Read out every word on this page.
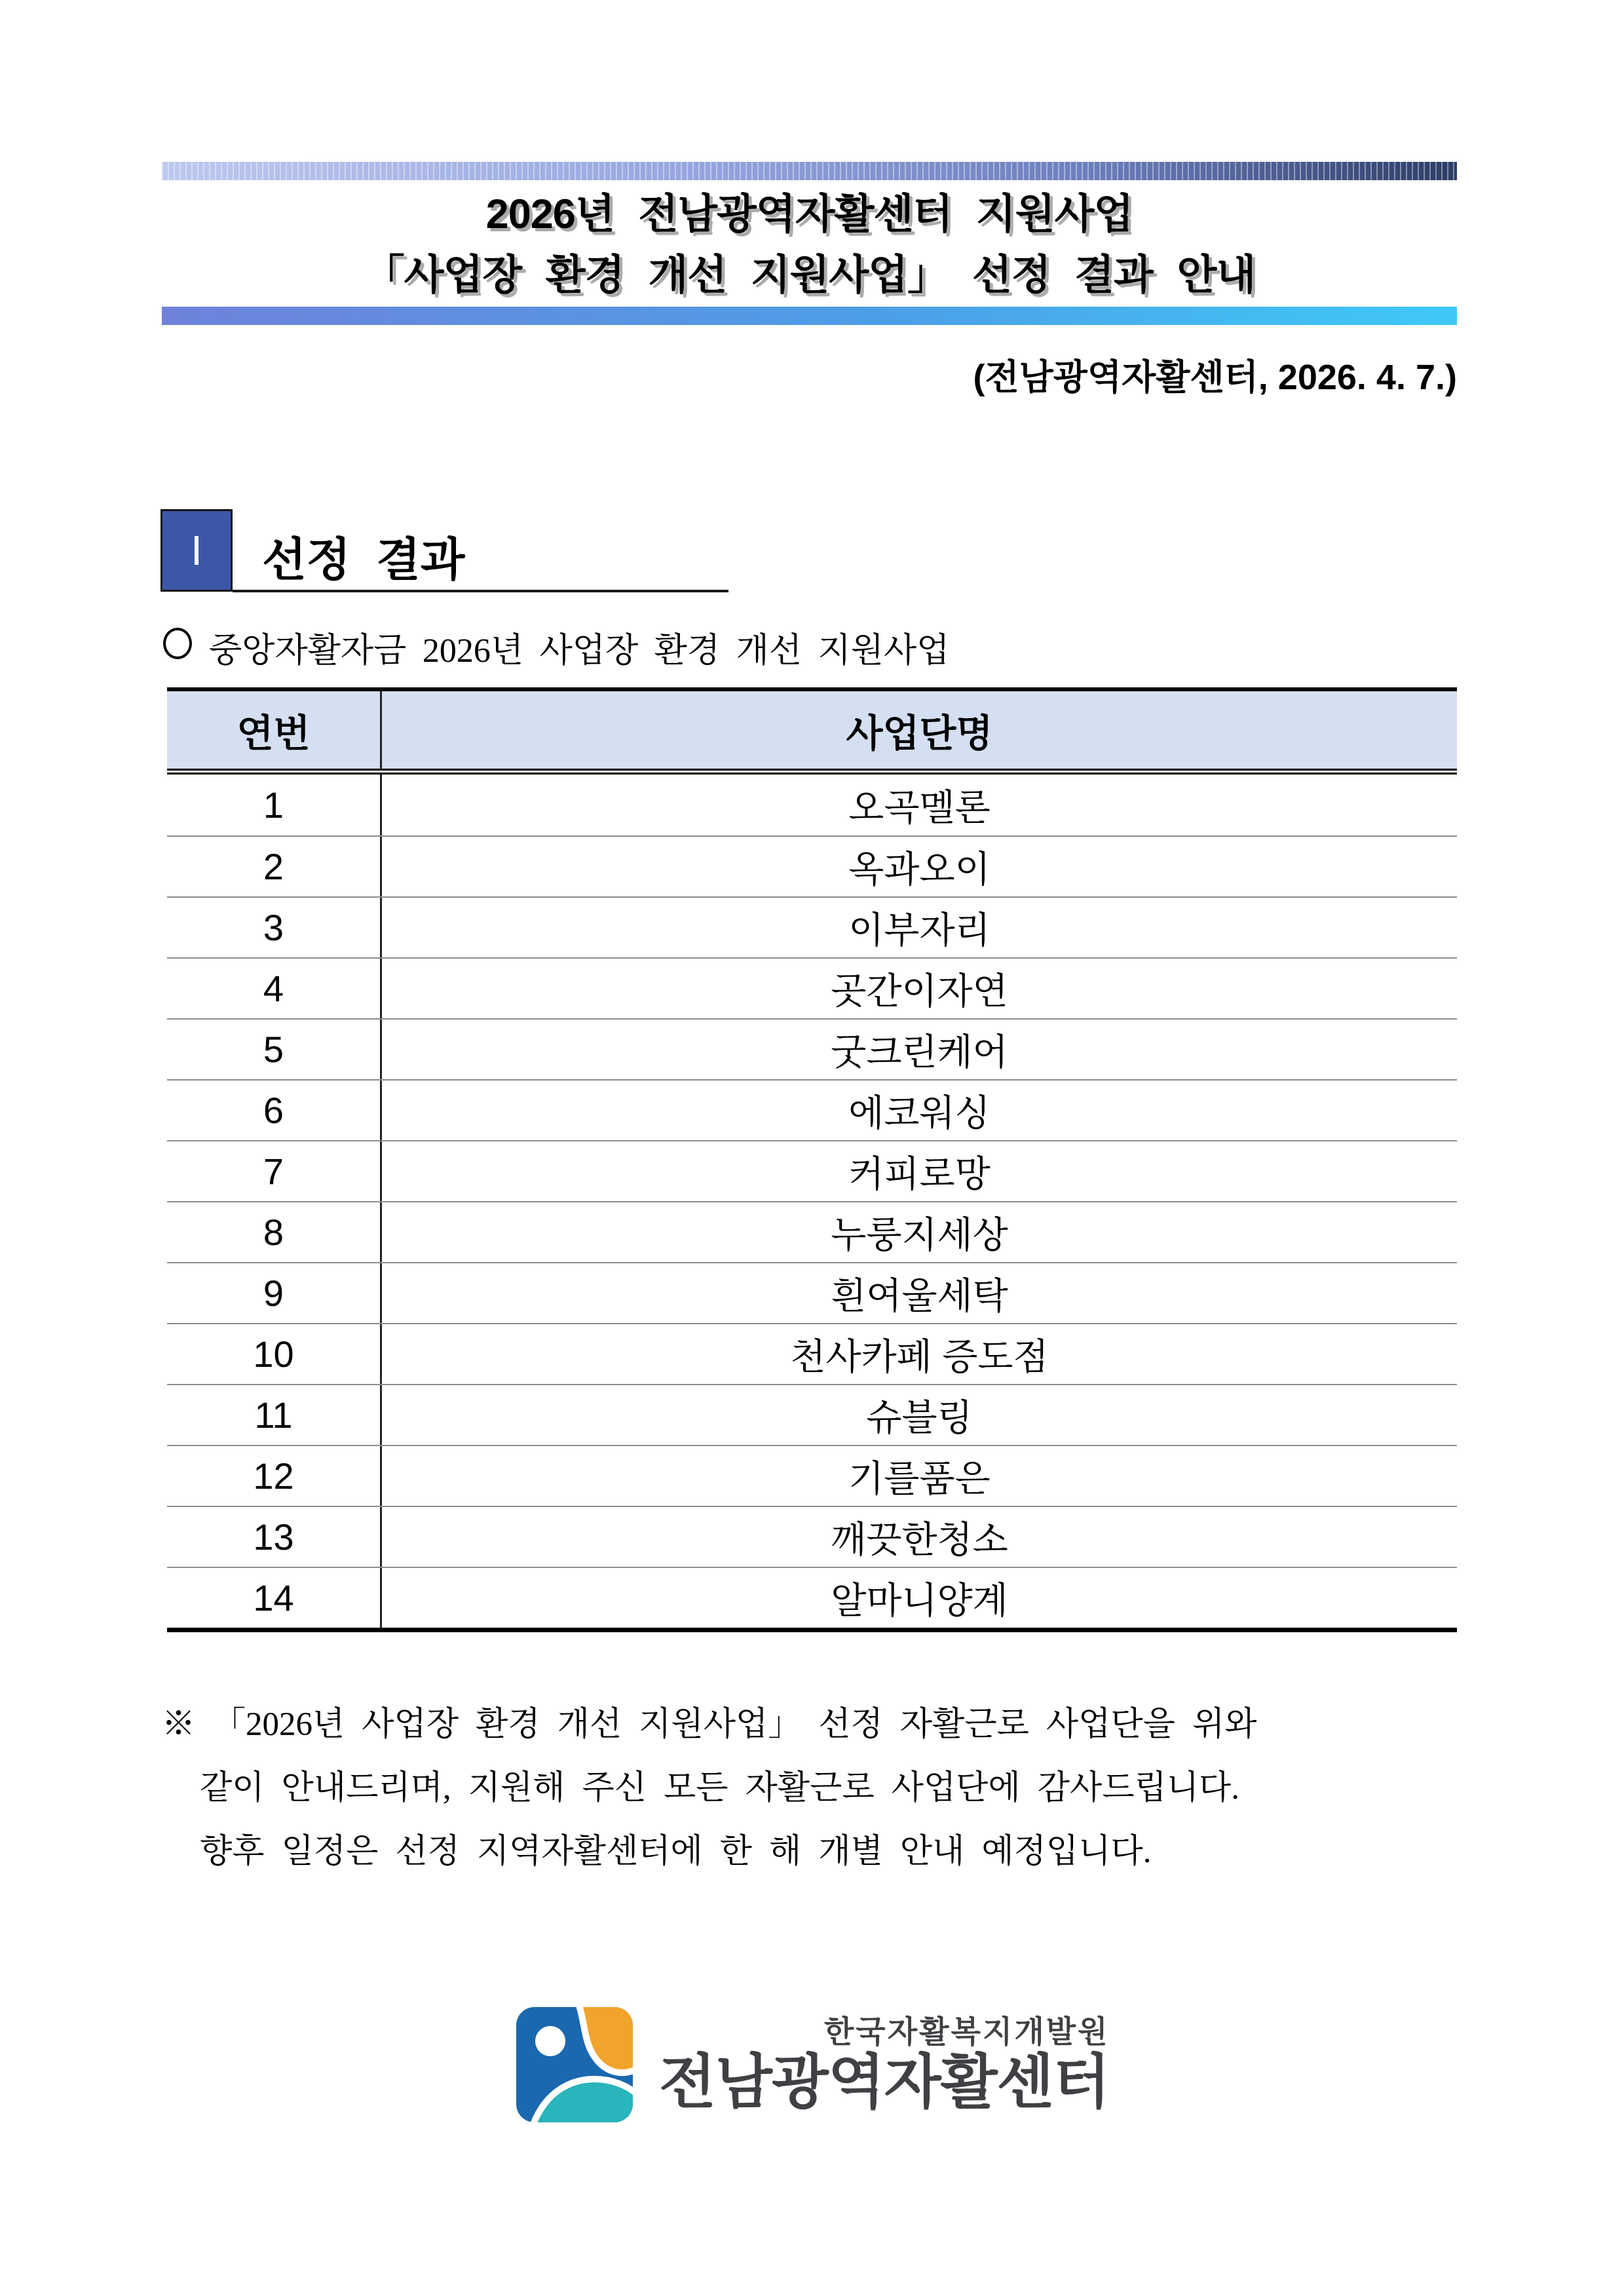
2026년 전남광역자활센터 지원사업
「사업장 환경 개선 지원사업」 선정 결과 안내
(전남광역자활센터, 2026. 4. 7.)
I 선정 결과
중앙자활자금 2026년 사업장 환경 개선 지원사업
연번	사업단명
1	오곡멜론
2	옥과오이
3	이부자리
4	곳간이자연
5	굿크린케어
6	에코워싱
7	커피로망
8	누룽지세상
9	흰여울세탁
10	천사카페 증도점
11	슈블링
12	기를품은
13	깨끗한청소
14	알마니양계
※ 「2026년 사업장 환경 개선 지원사업」 선정 자활근로 사업단을 위와
같이 안내드리며, 지원해 주신 모든 자활근로 사업단에 감사드립니다.
향후 일정은 선정 지역자활센터에 한 해 개별 안내 예정입니다.
한국자활복지개발원
전남광역자활센터
